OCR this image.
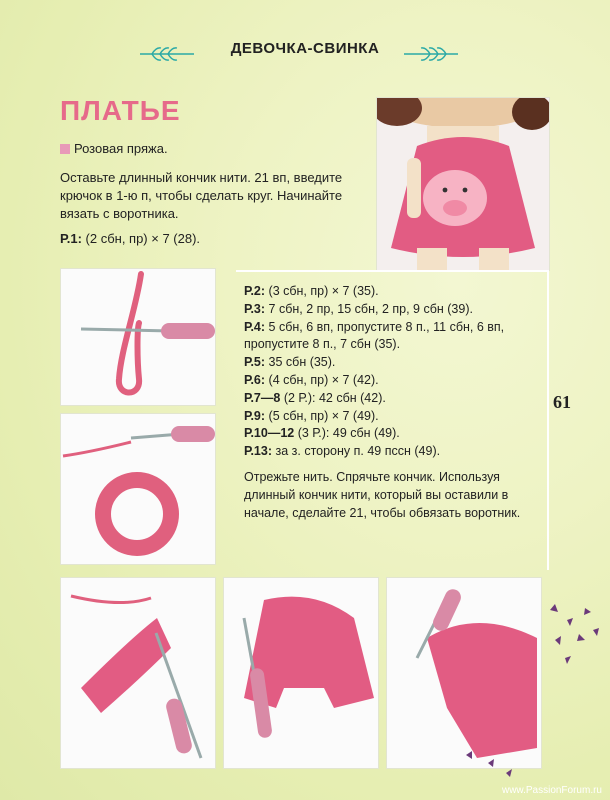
ДЕВОЧКА-СВИНКА
ПЛАТЬЕ
Розовая пряжа.
Оставьте длинный кончик нити. 21 вп, введите крючок в 1-ю п, чтобы сделать круг. Начинайте вязать с воротника.
Р.1: (2 сбн, пр) × 7 (28).
Р.2: (3 сбн, пр) × 7 (35).
Р.3: 7 сбн, 2 пр, 15 сбн, 2 пр, 9 сбн (39).
Р.4: 5 сбн, 6 вп, пропустите 8 п., 11 сбн, 6 вп, пропустите 8 п., 7 сбн (35).
Р.5: 35 сбн (35).
Р.6: (4 сбн, пр) × 7 (42).
Р.7—8 (2 Р.): 42 сбн (42).
Р.9: (5 сбн, пр) × 7 (49).
Р.10—12 (3 Р.): 49 сбн (49).
Р.13: за з. сторону п. 49 пссн (49).
Отрежьте нить. Спрячьте кончик. Используя длинный кончик нити, который вы оставили в начале, сделайте 21, чтобы обвязать воротник.
61
www.PassionForum.ru
